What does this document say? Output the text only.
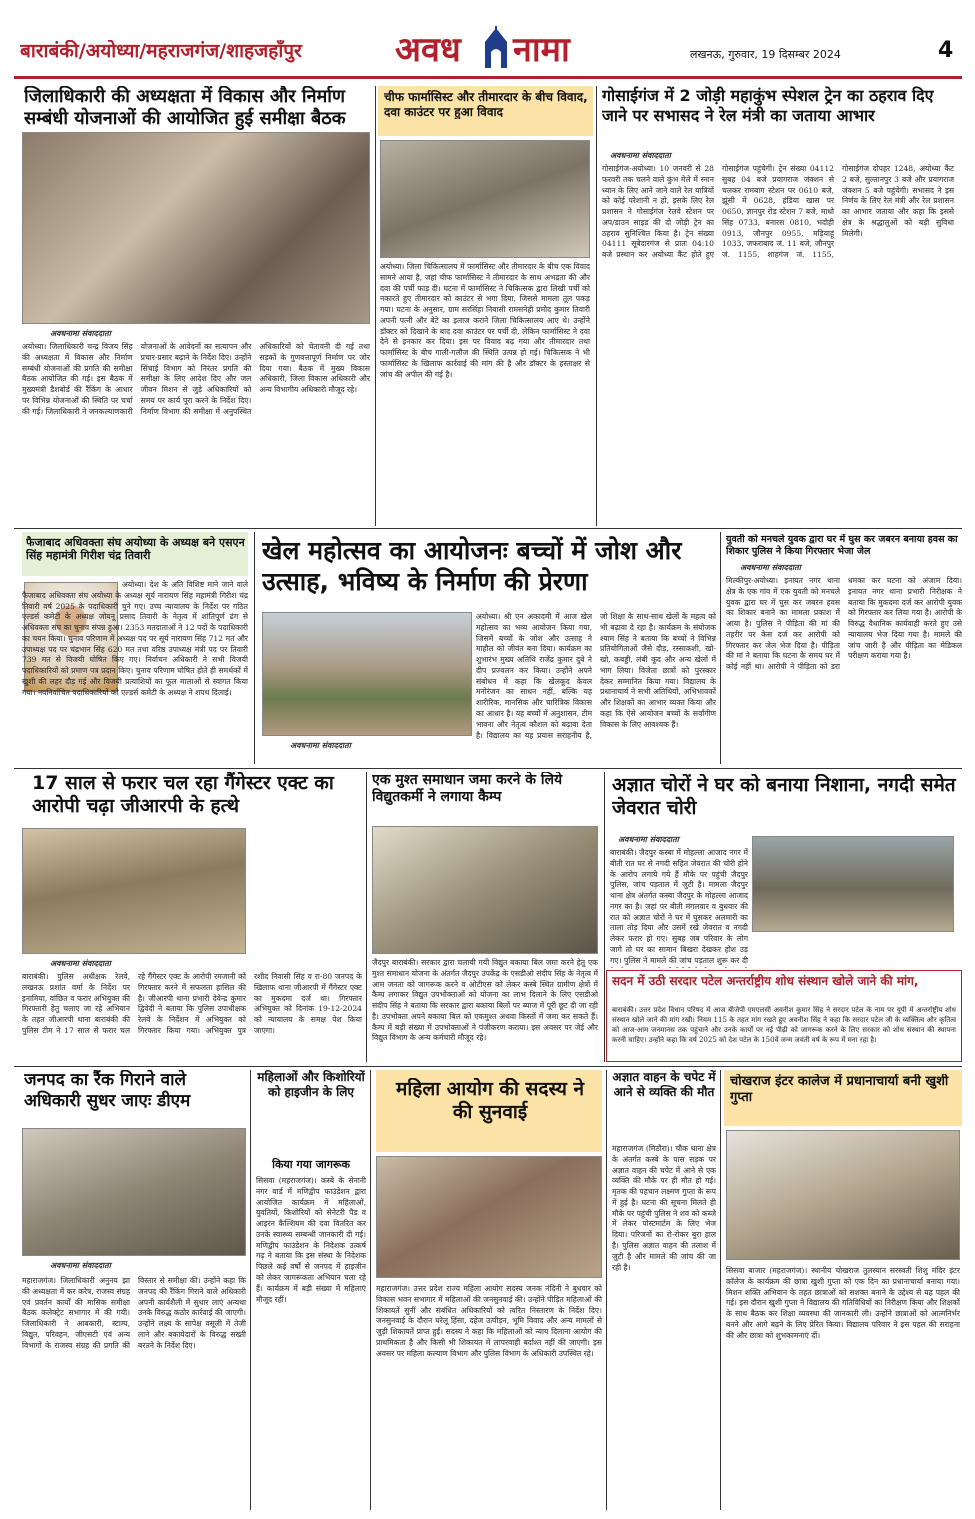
बाराबंकी/अयोध्या/महराजगंज/शाहजहाँपुर	अवध नामा	लखनऊ, गुरुवार, 19 दिसम्बर 2024	4
जिलाधिकारी की अध्यक्षता में विकास और निर्माण सम्बंधी योजनाओं की आयोजित हुई समीक्षा बैठक
अवधनामा संवाददाता
अयोध्या। जिलाधिकारी चन्द्र विजय सिंह की अध्यक्षता में विकास और निर्माण सम्बंधी योजनाओं की प्रगति की समीक्षा बैठक आयोजित की गई। इस बैठक में मुख्यमंत्री डैशबोर्ड की रैंकिंग के आधार पर विभिन्न योजनाओं की स्थिति पर चर्चा की गई। जिलाधिकारी ने जनकल्याणकारी योजनाओं के आवेदनों का सत्यापन और प्रचार-प्रसार बढ़ाने के निर्देश दिए। उन्होंने सिंचाई विभाग को निरंतर प्रगति की समीक्षा के लिए आदेश दिए और जल जीवन मिशन से जुड़े अधिकारियों को समय पर कार्य पूरा करने के निर्देश दिए। निर्माण विभाग की समीक्षा में अनुपस्थित अधिकारियों को चेतावनी दी गई तथा सड़कों के गुणवत्तापूर्ण निर्माण पर जोर दिया गया। बैठक में मुख्य विकास अधिकारी, जिला विकास अधिकारी और अन्य विभागीय अधिकारी मौजूद रहे।
चीफ फार्मासिस्ट और तीमारदार के बीच विवाद, दवा काउंटर पर हुआ विवाद
अयोध्या। जिला चिकित्सालय में फार्मासिस्ट और तीमारदार के बीच एक विवाद सामने आया है, जहां चीफ फार्मासिस्ट ने तीमारदार के साथ अभद्रता की और दवा की पर्ची फाड़ दी। घटना में फार्मासिस्ट ने चिकित्सक द्वारा लिखी पर्ची को नकारते हुए तीमारदार को काउंटर से भगा दिया, जिससे मामला तूल पकड़ गया। घटना के अनुसार, ग्राम सरसिंहा निवासी रामसनेही प्रमोद कुमार तिवारी अपनी पत्नी और बेटे का इलाज कराने जिला चिकित्सालय आए थे। उन्होंने डॉक्टर को दिखाने के बाद दवा काउंटर पर पर्ची दी, लेकिन फार्मासिस्ट ने दवा देने से इनकार कर दिया। इस पर विवाद बढ़ गया और तीमारदार तथा फार्मासिस्ट के बीच गाली-गलौज की स्थिति उत्पन्न हो गई। चिकित्सक ने भी फार्मासिस्ट के खिलाफ कार्रवाई की मांग की है और डॉक्टर के हस्ताक्षर से जांच की अपील की गई है।
गोसाईगंज में 2 जोड़ी महाकुंभ स्पेशल ट्रेन का ठहराव दिए जाने पर सभासद ने रेल मंत्री का जताया आभार
अवधनामा संवाददाता
गोसाईगंज-अयोध्या। 10 जनवरी से 28 फरवरी तक चलने वाले कुंभ मेले में स्नान ध्यान के लिए आने जाने वाले रेल यात्रियों को कोई परेशानी न हो, इसके लिए रेल प्रशासन ने गोसाईगंज रेलवे स्टेशन पर अप/डाउन साइड की दो जोड़ी ट्रेन का ठहराव सुनिश्चित किया है। ट्रेन संख्या 04111 सूबेदारगंज से प्रातः 04:10 बजे प्रस्थान कर अयोध्या कैंट होते हुए गोसाईगंज पहुंचेगी। ट्रेन संख्या 04112 सुबह 04 बजे प्रयागराज जंक्शन से चलकर रामबाग स्टेशन पर 0610 बजे, झूंसी में 0628, हंडिया खास पर 0650, ज्ञानपुर रोड स्टेशन 7 बजे, माधो सिंह 0733, बनारस 0810, भदोही 0913, जौनपुर 0955, मड़ियाहूं 1033, जफराबाद जं. 11 बजे, जौनपुर जं. 1155, शाहगंज जं. 1155, गोसाईगंज दोपहर 1248, अयोध्या कैंट 2 बजे, सुल्तानपुर 3 बजे और प्रयागराज जंक्शन 5 बजे पहुंचेगी। सभासद ने इस निर्णय के लिए रेल मंत्री और रेल प्रशासन का आभार जताया और कहा कि इससे क्षेत्र के श्रद्धालुओं को बड़ी सुविधा मिलेगी।
फैजाबाद अधिवक्ता संघ अयोध्या के अध्यक्ष बने एसएन सिंह महामंत्री गिरीश चंद्र तिवारी
अयोध्या। देश के अति विशिष्ट माने जाने वाले फैजाबाद अधिवक्ता संघ अयोध्या के अध्यक्ष सूर्य नारायण सिंह महामंत्री गिरीश चंद्र तिवारी वर्ष 2025 के पदाधिकारी चुने गए। उच्च न्यायालय के निर्देश पर गठित एल्डर्स कमेटी के अध्यक्ष जोयनू प्रसाद तिवारी के नेतृत्व में शांतिपूर्ण ढंग से अधिवक्ता संघ का चुनाव संपन्न हुआ। 2353 मतदाताओं ने 12 पदों के पदाधिकारी का चयन किया। चुनाव परिणाम में अध्यक्ष पद पर सूर्य नारायण सिंह 712 मत और उपाध्यक्ष पद पर चंद्रभान सिंह 620 मत तथा वरिष्ठ उपाध्यक्ष मंत्री पद पर तिवारी 739 मत से विजयी घोषित किए गए। निर्वाचन अधिकारी ने सभी विजयी पदाधिकारियों को प्रमाण पत्र प्रदान किए। चुनाव परिणाम घोषित होते ही समर्थकों में खुशी की लहर दौड़ गई और विजयी प्रत्याशियों का फूल मालाओं से स्वागत किया गया। नवनिर्वाचित पदाधिकारियों को एल्डर्स कमेटी के अध्यक्ष ने शपथ दिलाई।
खेल महोत्सव का आयोजनः बच्चों में जोश और उत्साह, भविष्य के निर्माण की प्रेरणा
अवधनामा संवाददाता
अयोध्या। श्री एन अकादमी में आज खेल महोत्सव का भव्य आयोजन किया गया, जिसमें बच्चों के जोश और उत्साह ने माहौल को जीवंत बना दिया। कार्यक्रम का शुभारंभ मुख्य अतिथि राजेंद्र कुमार दुबे ने दीप प्रज्वलन कर किया। उन्होंने अपने संबोधन में कहा कि खेलकूद केवल मनोरंजन का साधन नहीं, बल्कि यह शारीरिक, मानसिक और चारित्रिक विकास का आधार है। यह बच्चों में अनुशासन, टीम भावना और नेतृत्व कौशल को बढ़ावा देता है। विद्यालय का यह प्रयास सराहनीय है, जो शिक्षा के साथ-साथ खेलों के महत्व को भी बढ़ावा दे रहा है। कार्यक्रम के संयोजक श्याम सिंह ने बताया कि बच्चों ने विभिन्न प्रतियोगिताओं जैसे दौड़, रस्साकशी, खो-खो, कबड्डी, लंबी कूद और अन्य खेलों में भाग लिया। विजेता छात्रों को पुरस्कार देकर सम्मानित किया गया। विद्यालय के प्रधानाचार्य ने सभी अतिथियों, अभिभावकों और शिक्षकों का आभार व्यक्त किया और कहा कि ऐसे आयोजन बच्चों के सर्वांगीण विकास के लिए आवश्यक हैं।
युवती को मनचले युवक द्वारा घर में घुस कर जबरन बनाया हवस का शिकार पुलिस ने किया गिरफ्तार भेजा जेल
अवधनामा संवाददाता
मिल्कीपुर-अयोध्या। इनायत नगर थाना क्षेत्र के एक गांव में एक युवती को मनचले युवक द्वारा घर में घुस कर जबरन हवस का शिकार बनाने का मामला प्रकाश में आया है। पुलिस ने पीड़िता की मां की तहरीर पर केस दर्ज कर आरोपी को गिरफ्तार कर जेल भेज दिया है। पीड़िता की मां ने बताया कि घटना के समय घर में कोई नहीं था। आरोपी ने पीड़िता को डरा धमका कर घटना को अंजाम दिया। इनायत नगर थाना प्रभारी निरीक्षक ने बताया कि मुकदमा दर्ज कर आरोपी युवक को गिरफ्तार कर लिया गया है। आरोपी के विरुद्ध वैधानिक कार्यवाही करते हुए उसे न्यायालय भेज दिया गया है। मामले की जांच जारी है और पीड़िता का मेडिकल परीक्षण कराया गया है।
17 साल से फरार चल रहा गैंगेस्टर एक्ट का आरोपी चढ़ा जीआरपी के हत्थे
अवधनामा संवाददाता
बाराबंकी। पुलिस अधीक्षक रेलवे, लखनऊ प्रशांत वर्मा के निर्देश पर इनामिया, वांछित व फरार अभियुक्त की गिरफ्तारी हेतु चलाए जा रहे अभियान के तहत जीआरपी थाना बाराबंकी की पुलिस टीम ने 17 साल से फरार चल रहे गैंगेस्टर एक्ट के आरोपी रमजानी को गिरफ्तार करने में सफलता हासिल की है। जीआरपी थाना प्रभारी देवेन्द्र कुमार द्विवेदी ने बताया कि पुलिस उपाधीक्षक रेलवे के निर्देशन में अभियुक्त को गिरफ्तार किया गया। अभियुक्त पुत्र रशीद निवासी सिंह व रा-80 जनपद के खिलाफ थाना जीआरपी में गैंगेस्टर एक्ट का मुकदमा दर्ज था। गिरफ्तार अभियुक्त को दिनांक 19-12-2024 को न्यायालय के समक्ष पेश किया जाएगा।
एक मुश्त समाधान जमा करने के लिये विद्युतकर्मी ने लगाया कैम्प
जैदपुर बाराबंकी। सरकार द्वारा चलायी गयी विद्युत बकाया बिल जमा करने हेतु एक मुश्त समाधान योजना के अंतर्गत जैदपुर उपकेंद्र के एसडीओ संदीप सिंह के नेतृत्व में आम जनता को जागरूक करने व ओटीएस को लेकर कस्बे स्थित ग्रामीण क्षेत्रों में कैम्प लगाकर विद्युत उपभोक्ताओं को योजना का लाभ दिलाने के लिए एसडीओ संदीप सिंह ने बताया कि सरकार द्वारा बकाया बिलों पर ब्याज में पूरी छूट दी जा रही है। उपभोक्ता अपने बकाया बिल को एकमुश्त अथवा किस्तों में जमा कर सकते हैं। कैम्प में बड़ी संख्या में उपभोक्ताओं ने पंजीकरण कराया। इस अवसर पर जेई और विद्युत विभाग के अन्य कर्मचारी मौजूद रहे।
अज्ञात चोरों ने घर को बनाया निशाना, नगदी समेत जेवरात चोरी
अवधनामा संवाददाता
बाराबंकी। जैदपुर कस्बा में मोहल्ला आजाद नगर में बीती रात घर से नगदी सहित जेवरात की चोरी होने के आरोप लगाये गये हैं मौके पर पहुंची जैदपुर पुलिस, जांच पड़ताल में जुटी है। मामला जैदपुर थाना क्षेत्र अंतर्गत कस्बा जैदपुर के मोहल्ला आजाद नगर का है। जहां पर बीती मंगलवार व बुधवार की रात को अज्ञात चोरों ने घर में घुसकर अलमारी का ताला तोड़ दिया और उसमें रखे जेवरात व नगदी लेकर फरार हो गए। सुबह जब परिवार के लोग जागे तो घर का सामान बिखरा देखकर होश उड़ गए। पुलिस ने मामले की जांच पड़ताल शुरू कर दी
सदन में उठी सरदार पटेल अन्तर्राष्ट्रीय शोध संस्थान खोले जाने की मांग,
बाराबंकी। उत्तर प्रदेश विधान परिषद में आज बीजेपी एमएलसी अवनीश कुमार सिंह ने सरदार पटेल के नाम पर यूपी में अन्तर्राष्ट्रीय शोध संस्थान खोले जाने की मांग रखी। नियम 115 के तहत मांग रखते हुए अवनीश सिंह ने कहा कि सरदार पटेल जी के व्यक्तित्व और कृतित्व को आज-आम जनमानस तक पहुंचाने और उनके कार्यों पर नई पीढ़ी को जागरूक करने के लिए सरकार को शोध संस्थान की स्थापना करनी चाहिए। उन्होंने कहा कि वर्ष 2025 को देश पटेल के 150वें जन्म जयंती वर्ष के रूप में मना रहा है।
जनपद का रैंक गिराने वाले अधिकारी सुधर जाएः डीएम
अवधनामा संवाददाता
महाराजगंज। जिलाधिकारी अनुनय झा की अध्यक्षता में कर करेत्र, राजस्व संग्रह एवं प्रवर्तन कार्यों की मासिक समीक्षा बैठक कलेक्ट्रेट सभागार में की गयी। जिलाधिकारी ने आबकारी, स्टाम्प, विद्युत, परिवहन, जीएसटी एवं अन्य विभागों के राजस्व संग्रह की प्रगति की विस्तार से समीक्षा की। उन्होंने कहा कि जनपद की रैंकिंग गिराने वाले अधिकारी अपनी कार्यशैली में सुधार लाएं अन्यथा उनके विरुद्ध कठोर कार्रवाई की जाएगी। उन्होंने लक्ष्य के सापेक्ष वसूली में तेजी लाने और बकायेदारों के विरुद्ध सख्ती बरतने के निर्देश दिए।
महिलाओं और किशोरियों को हाइजीन के लिए
किया गया जागरूक
सिसवा (महराजगंज)। कस्बे के सेनानी नगर वार्ड में मणिद्वीप फाउंडेशन द्वारा आयोजित कार्यक्रम में महिलाओं, युवतियों, किशोरियों को सेनेटरी पैड व आइरन कैल्शियम की दवा वितरित कर उनके स्वास्थ्य सम्बन्धी जानकारी दी गई। मणिद्वीप फाउंडेशन के निदेशक उत्कर्ष गढ़ ने बताया कि इस संस्था के निदेशक पिछले कई वर्षों से जनपद में हाइजीन को लेकर जागरूकता अभियान चला रहे हैं। कार्यक्रम में बड़ी संख्या में महिलाएं मौजूद रहीं।
महिला आयोग की सदस्य ने की सुनवाई
महाराजगंज। उत्तर प्रदेश राज्य महिला आयोग सदस्य जनक नंदिनी ने बुधवार को विकास भवन सभागार में महिलाओं की जनसुनवाई की। उन्होंने पीड़ित महिलाओं की शिकायतें सुनीं और संबंधित अधिकारियों को त्वरित निस्तारण के निर्देश दिए। जनसुनवाई के दौरान घरेलू हिंसा, दहेज उत्पीड़न, भूमि विवाद और अन्य मामलों से जुड़ी शिकायतें प्राप्त हुईं। सदस्य ने कहा कि महिलाओं को न्याय दिलाना आयोग की प्राथमिकता है और किसी भी शिकायत में लापरवाही बर्दाश्त नहीं की जाएगी। इस अवसर पर महिला कल्याण विभाग और पुलिस विभाग के अधिकारी उपस्थित रहे।
अज्ञात वाहन के चपेट में आने से व्यक्ति की मौत
महाराजगंज (मिठौरा)। चौक थाना क्षेत्र के अंतर्गत कस्बे के पास सड़क पर अज्ञात वाहन की चपेट में आने से एक व्यक्ति की मौके पर ही मौत हो गई। मृतक की पहचान लक्ष्मण गुप्ता के रूप में हुई है। घटना की सूचना मिलते ही मौके पर पहुंची पुलिस ने शव को कब्जे में लेकर पोस्टमार्टम के लिए भेज दिया। परिजनों का रो-रोकर बुरा हाल है। पुलिस अज्ञात वाहन की तलाश में जुटी है और मामले की जांच की जा रही है।
चोखराज इंटर कालेज में प्रधानाचार्या बनी खुशी गुप्ता
सिसवा बाजार (महराजगंज)। स्थानीय चोखराज तुलस्यान सरस्वती शिशु मंदिर इंटर कॉलेज के कार्यक्रम की छात्रा खुशी गुप्ता को एक दिन का प्रधानाचार्या बनाया गया। मिशन शक्ति अभियान के तहत छात्राओं को सशक्त बनाने के उद्देश्य से यह पहल की गई। इस दौरान खुशी गुप्ता ने विद्यालय की गतिविधियों का निरीक्षण किया और शिक्षकों के साथ बैठक कर शिक्षा व्यवस्था की जानकारी ली। उन्होंने छात्राओं को आत्मनिर्भर बनने और आगे बढ़ने के लिए प्रेरित किया। विद्यालय परिवार ने इस पहल की सराहना की और छात्रा को शुभकामनाएं दीं।
